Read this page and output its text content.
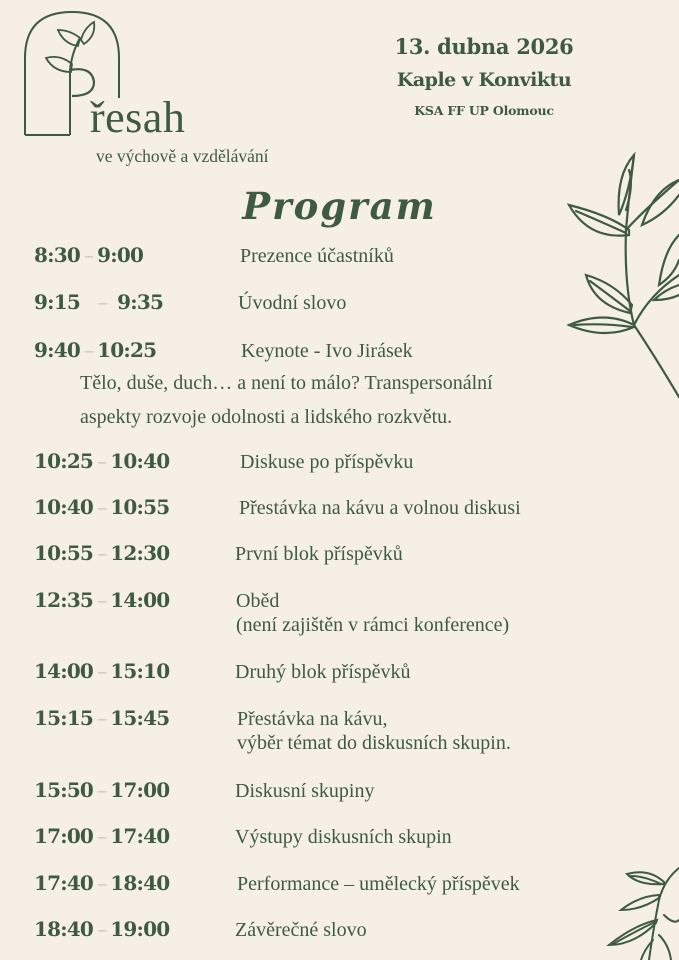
řesah
ve výchově a vzdělávání

13. dubna 2026

Kaple v Konviktu

KSA FF UP Olomouc

Program
8:30 – 9:00	Prezence účastníků
9:15 – 9:35	Úvodní slovo
9:40 – 10:25	Keynote - Ivo Jirásek
Tělo, duše, duch… a není to málo? Transpersonální
aspekty rozvoje odolnosti a lidského rozkvětu.
10:25 – 10:40	Diskuse po příspěvku
10:40 – 10:55	Přestávka na kávu a volnou diskusi
10:55 – 12:30	První blok příspěvků
12:35 – 14:00	Oběd
(není zajištěn v rámci konference)
14:00 – 15:10	Druhý blok příspěvků
15:15 – 15:45	Přestávka na kávu,
výběr témat do diskusních skupin.
15:50 – 17:00	Diskusní skupiny
17:00 – 17:40	Výstupy diskusních skupin
17:40 – 18:40	Performance – umělecký příspěvek
18:40 – 19:00	Závěrečné slovo
